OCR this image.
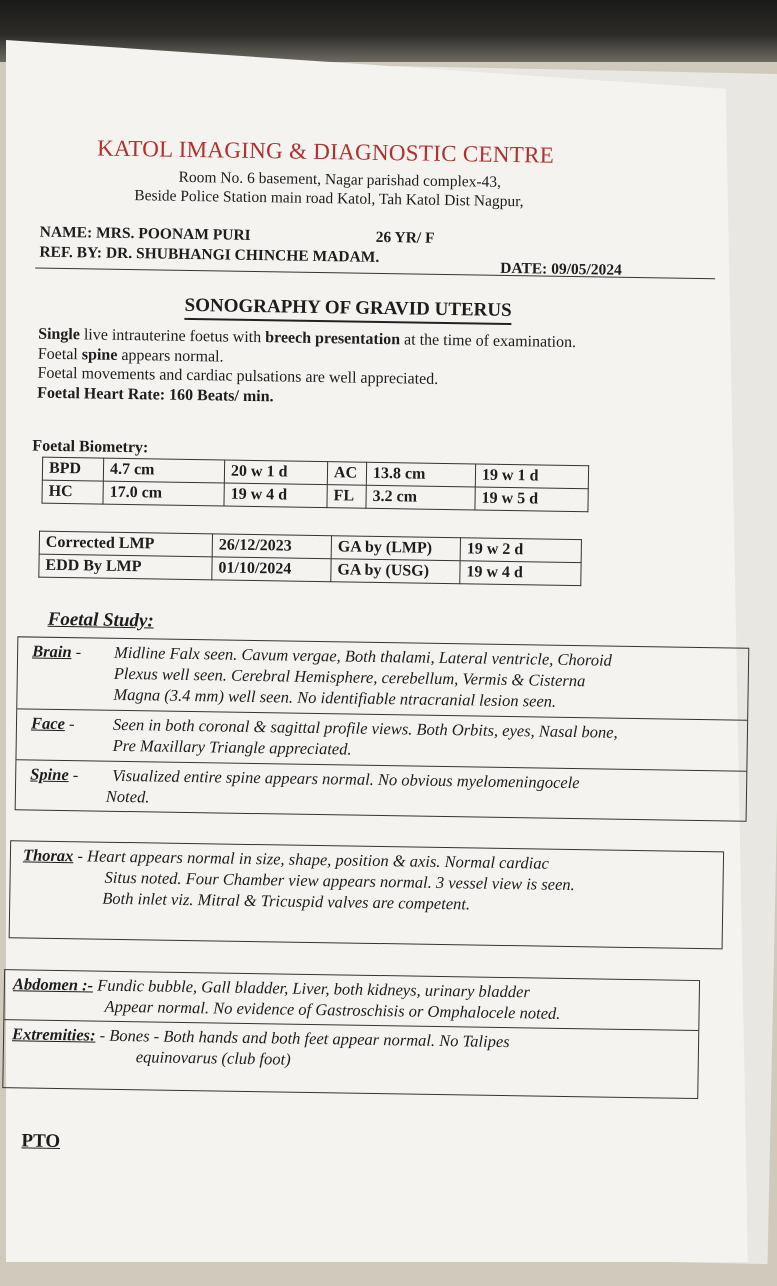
KATOL IMAGING & DIAGNOSTIC CENTRE
Room No. 6 basement, Nagar parishad complex-43,
Beside Police Station main road Katol, Tah Katol Dist Nagpur,
NAME: MRS. POONAM PURI	26 YR/ F
REF. BY: DR. SHUBHANGI CHINCHE MADAM.
DATE: 09/05/2024
SONOGRAPHY OF GRAVID UTERUS
Single live intrauterine foetus with breech presentation at the time of examination.
Foetal spine appears normal.
Foetal movements and cardiac pulsations are well appreciated.
Foetal Heart Rate: 160 Beats/ min.
Foetal Biometry:
BPD	4.7 cm	20 w 1 d	AC	13.8 cm	19 w 1 d
HC	17.0 cm	19 w 4 d	FL	3.2 cm	19 w 5 d
Corrected LMP	26/12/2023	GA by (LMP)	19 w 2 d
EDD By LMP	01/10/2024	GA by (USG)	19 w 4 d
Foetal Study:
Brain - Midline Falx seen. Cavum vergae, Both thalami, Lateral ventricle, Choroid
Plexus well seen. Cerebral Hemisphere, cerebellum, Vermis & Cisterna
Magna (3.4 mm) well seen. No identifiable ntracranial lesion seen.
Face - Seen in both coronal & sagittal profile views. Both Orbits, eyes, Nasal bone,
Pre Maxillary Triangle appreciated.
Spine - Visualized entire spine appears normal. No obvious myelomeningocele
Noted.
Thorax - Heart appears normal in size, shape, position & axis. Normal cardiac
Situs noted. Four Chamber view appears normal. 3 vessel view is seen.
Both inlet viz. Mitral & Tricuspid valves are competent.
Abdomen :- Fundic bubble, Gall bladder, Liver, both kidneys, urinary bladder
Appear normal. No evidence of Gastroschisis or Omphalocele noted.
Extremities: - Bones - Both hands and both feet appear normal. No Talipes
equinovarus (club foot)
PTO
